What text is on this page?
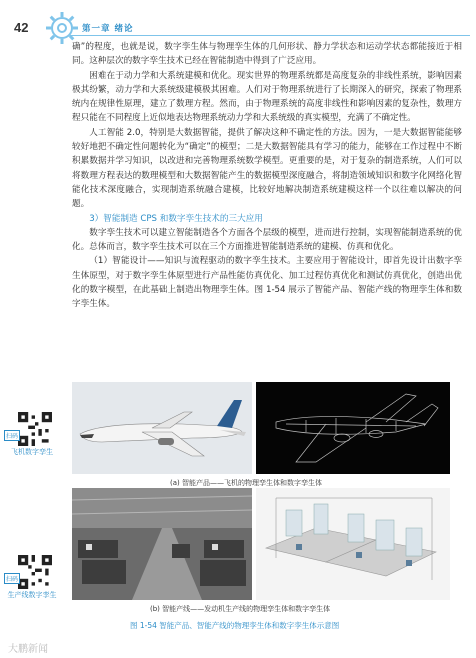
42	第一章 绪论

确”的程度，也就是说，数字孪生体与物理孪生体的几何形状、静力学状态和运动学状态都能接近于相同。这种层次的数字孪生技术已经在智能制造中得到了广泛应用。

困难在于动力学和大系统建模和优化。现实世界的物理系统都是高度复杂的非线性系统，影响因素极其纷繁，动力学和大系统级建模极其困难。人们对于物理系统进行了长期深入的研究，探索了物理系统内在规律性原理，建立了数理方程。然而，由于物理系统的高度非线性和影响因素的复杂性，数理方程只能在不同程度上近似地表达物理系统动力学和大系统级的真实模型，充满了不确定性。

人工智能 2.0，特别是大数据智能，提供了解决这种不确定性的方法。因为，一是大数据智能能够较好地把不确定性问题转化为“确定”的模型；二是大数据智能具有学习的能力，能够在工作过程中不断积累数据并学习知识，以改进和完善物理系统数学模型。更重要的是，对于复杂的制造系统，人们可以将数理方程表达的数理模型和大数据智能产生的数据模型深度融合，将制造领域知识和数字化网络化智能化技术深度融合，实现制造系统融合建模，比较好地解决制造系统建模这样一个以往难以解决的问题。

3）智能制造 CPS 和数字孪生技术的三大应用

数字孪生技术可以建立智能制造各个方面各个层级的模型，进而进行控制，实现智能制造系统的优化。总体而言，数字孪生技术可以在三个方面推进智能制造系统的建模、仿真和优化。

（1）智能设计——知识与流程驱动的数字孪生技术。主要应用于智能设计，即首先设计出数字孪生体原型，对于数字孪生体原型进行产品性能仿真优化、加工过程仿真优化和测试仿真优化，创造出优化的数字模型，在此基础上制造出物理孪生体。图 1-54 展示了智能产品、智能产线的物理孪生体和数字孪生体。

扫码
飞机数字孪生
扫码
生产线数字孪生
(a) 智能产品——飞机的物理孪生体和数字孪生体
(b) 智能产线——发动机生产线的物理孪生体和数字孪生体
图 1-54 智能产品、智能产线的物理孪生体和数字孪生体示意图
大鹏新闻
